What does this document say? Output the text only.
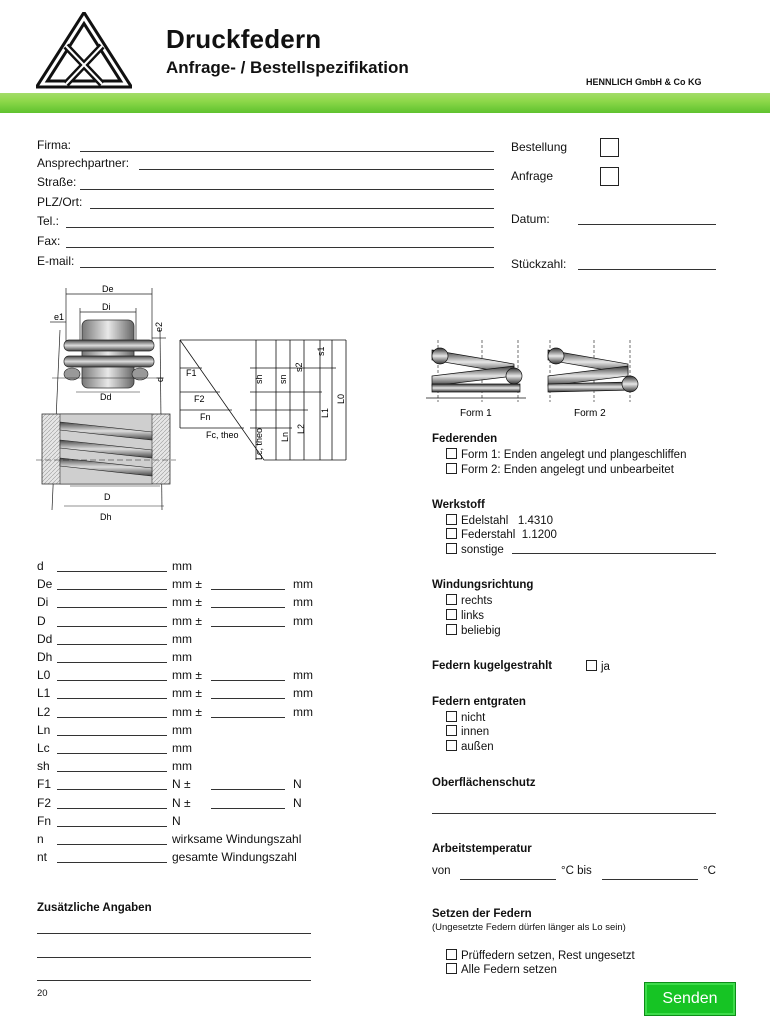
Druckfedern
Anfrage- / Bestellspezifikation
HENNLICH GmbH & Co KG
Firma:
Ansprechpartner:
Straße:
PLZ/Ort:
Tel.:
Fax:
E-mail:
Bestellung
Anfrage
Datum:
Stückzahl:
De
Di
e1
e2
d
Dd
D
Dh
F1
F2
Fn
Fc, theo
sh sn
s2
s1
L0
L1
L2
Ln
Lc, theo
Form 1	Form 2
Federenden
Form 1: Enden angelegt und plangeschliffen
Form 2: Enden angelegt und unbearbeitet
Werkstoff
Edelstahl   1.4310
Federstahl  1.1200
sonstige
Windungsrichtung
rechts
links
beliebig
Federn kugelgestrahlt	ja
Federn entgraten
nicht
innen
außen
Oberflächenschutz
Arbeitstemperatur
von	°C bis	°C
Setzen der Federn
(Ungesetzte Federn dürfen länger als Lo sein)
Prüffedern setzen, Rest ungesetzt
Alle Federn setzen
d	mm
De	mm ±	mm
Di	mm ±	mm
D	mm ±	mm
Dd	mm
Dh	mm
L0	mm ±	mm
L1	mm ±	mm
L2	mm ±	mm
Ln	mm
Lc	mm
sh	mm
F1	N ±	N
F2	N ±	N
Fn	N
n	wirksame Windungszahl
nt	gesamte Windungszahl
Zusätzliche Angaben
20	Senden
